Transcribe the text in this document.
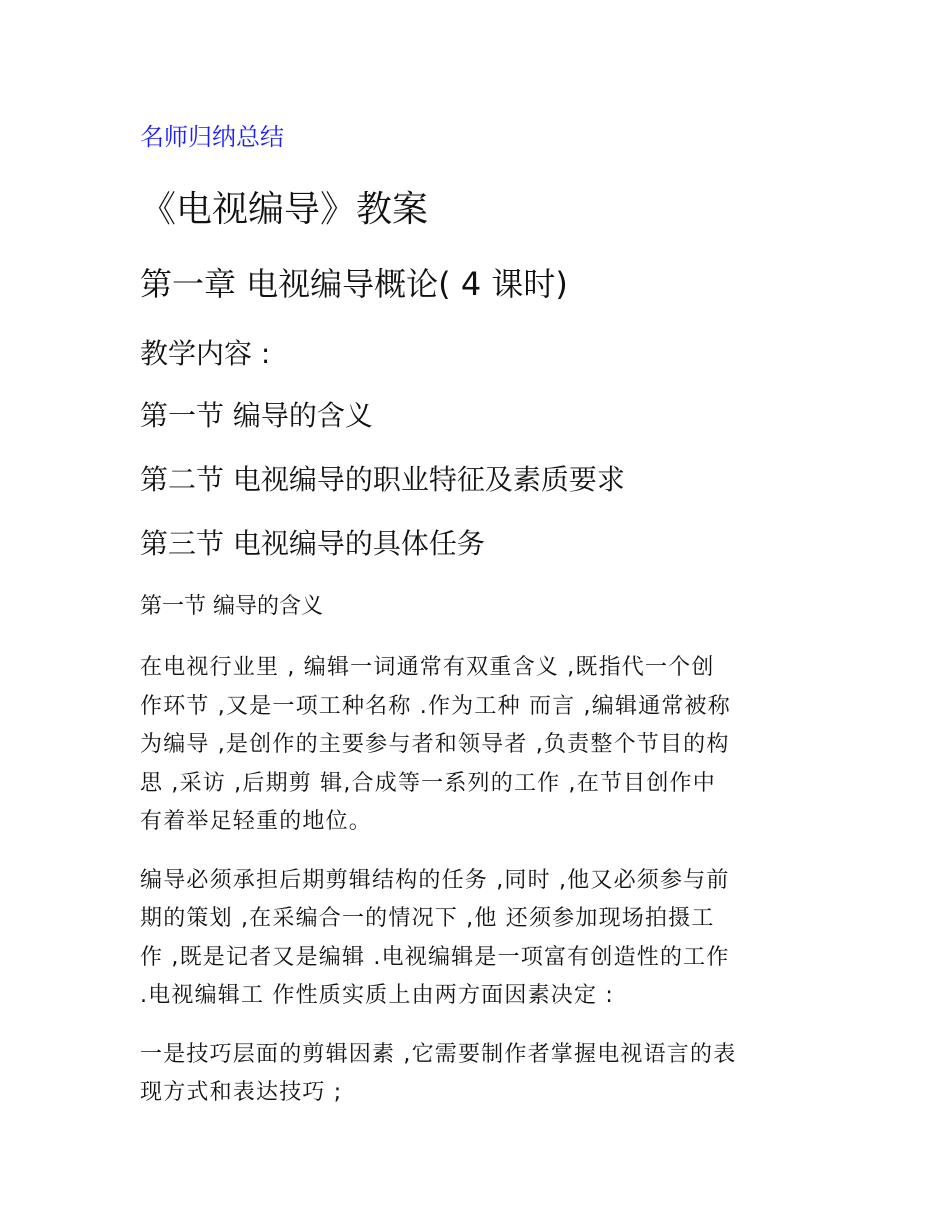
名师归纳总结
《电视编导》教案
第一章 电视编导概论( 4 课时)
教学内容 :
第一节 编导的含义
第二节 电视编导的职业特征及素质要求
第三节 电视编导的具体任务
第一节 编导的含义

在电视行业里 , 编辑一词通常有双重含义 ,既指代一个创
作环节 ,又是一项工种名称 .作为工种 而言 ,编辑通常被称
为编导 ,是创作的主要参与者和领导者 ,负责整个节目的构
思 ,采访 ,后期剪 辑,合成等一系列的工作 ,在节目创作中
有着举足轻重的地位。

编导必须承担后期剪辑结构的任务 ,同时 ,他又必须参与前
期的策划 ,在采编合一的情况下 ,他 还须参加现场拍摄工
作 ,既是记者又是编辑 .电视编辑是一项富有创造性的工作
.电视编辑工 作性质实质上由两方面因素决定 :

一是技巧层面的剪辑因素 ,它需要制作者掌握电视语言的表
现方式和表达技巧 ;
